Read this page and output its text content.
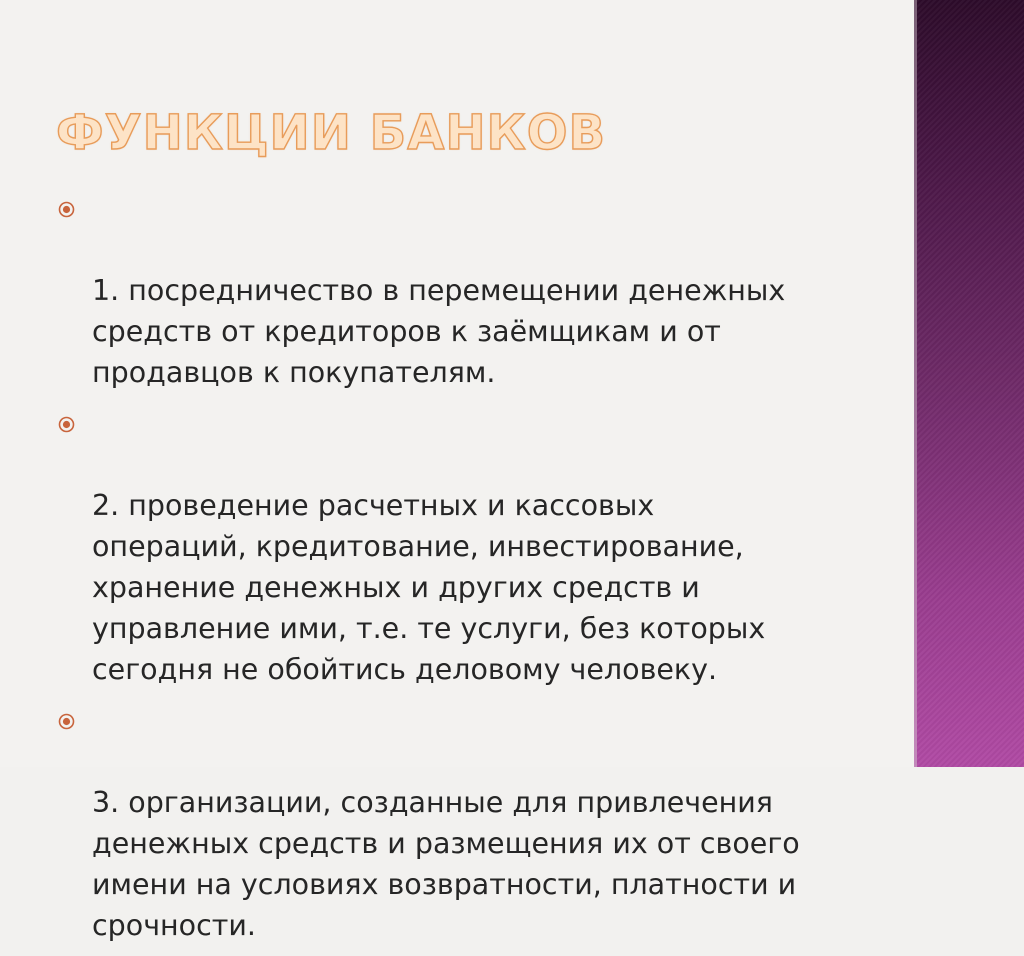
ФУНКЦИИ БАНКОВ

1. посредничество в перемещении денежных
средств от кредиторов к заёмщикам и от
продавцов к покупателям.

2. проведение расчетных и кассовых
операций, кредитование, инвестирование,
хранение денежных и других средств и
управление ими, т.е. те услуги, без которых
сегодня не обойтись деловому человеку.

3. организации, созданные для привлечения
денежных средств и размещения их от своего
имени на условиях возвратности, платности и
срочности.
